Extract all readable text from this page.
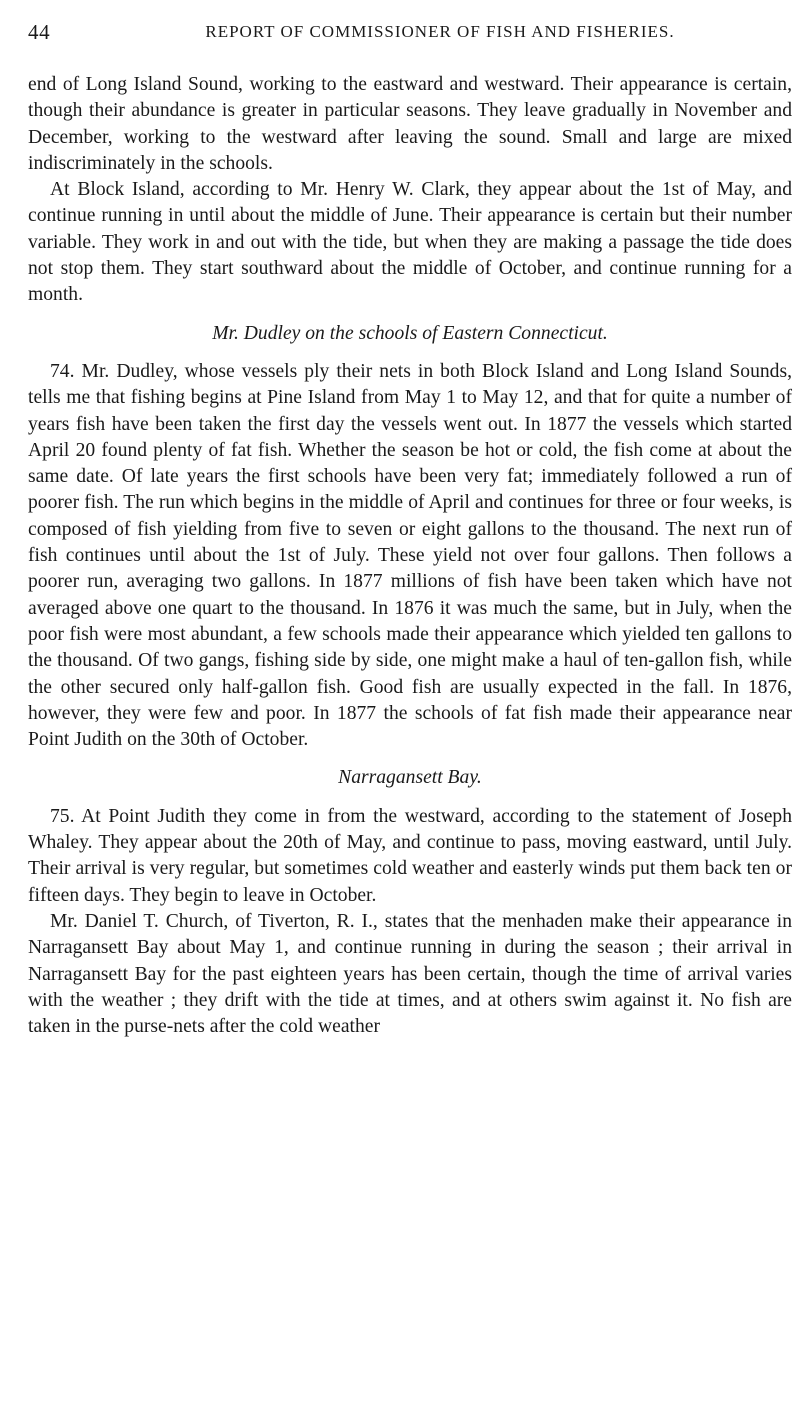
44	REPORT OF COMMISSIONER OF FISH AND FISHERIES.

end of Long Island Sound, working to the eastward and westward. Their appearance is certain, though their abundance is greater in particular seasons. They leave gradually in November and December, working to the westward after leaving the sound. Small and large are mixed indiscriminately in the schools.

At Block Island, according to Mr. Henry W. Clark, they appear about the 1st of May, and continue running in until about the middle of June. Their appearance is certain but their number variable. They work in and out with the tide, but when they are making a passage the tide does not stop them. They start southward about the middle of October, and continue running for a month.

Mr. Dudley on the schools of Eastern Connecticut.

74. Mr. Dudley, whose vessels ply their nets in both Block Island and Long Island Sounds, tells me that fishing begins at Pine Island from May 1 to May 12, and that for quite a number of years fish have been taken the first day the vessels went out. In 1877 the vessels which started April 20 found plenty of fat fish. Whether the season be hot or cold, the fish come at about the same date. Of late years the first schools have been very fat; immediately followed a run of poorer fish. The run which begins in the middle of April and continues for three or four weeks, is composed of fish yielding from five to seven or eight gallons to the thousand. The next run of fish continues until about the 1st of July. These yield not over four gallons. Then follows a poorer run, averaging two gallons. In 1877 millions of fish have been taken which have not averaged above one quart to the thousand. In 1876 it was much the same, but in July, when the poor fish were most abundant, a few schools made their appearance which yielded ten gallons to the thousand. Of two gangs, fishing side by side, one might make a haul of ten-gallon fish, while the other secured only half-gallon fish. Good fish are usually expected in the fall. In 1876, however, they were few and poor. In 1877 the schools of fat fish made their appearance near Point Judith on the 30th of October.

Narragansett Bay.

75. At Point Judith they come in from the westward, according to the statement of Joseph Whaley. They appear about the 20th of May, and continue to pass, moving eastward, until July. Their arrival is very regular, but sometimes cold weather and easterly winds put them back ten or fifteen days. They begin to leave in October.

Mr. Daniel T. Church, of Tiverton, R. I., states that the menhaden make their appearance in Narragansett Bay about May 1, and continue running in during the season ; their arrival in Narragansett Bay for the past eighteen years has been certain, though the time of arrival varies with the weather ; they drift with the tide at times, and at others swim against it. No fish are taken in the purse-nets after the cold weather
